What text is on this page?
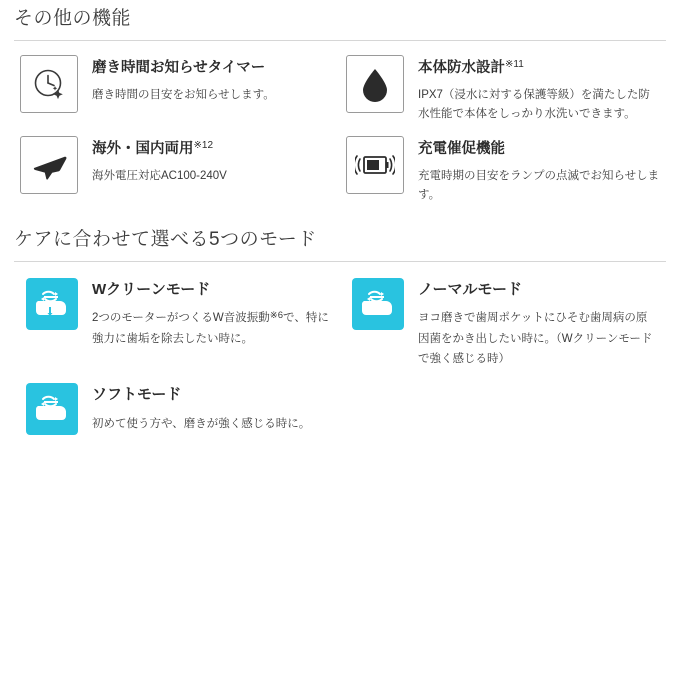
その他の機能
磨き時間お知らせタイマー
磨き時間の目安をお知らせします。
本体防水設計$^{※11}$
IPX7（浸水に対する保護等級）を満たした防水性能で本体をしっかり水洗いできます。
海外・国内両用$^{※12}$
海外電圧対応AC100-240V
充電催促機能
充電時期の目安をランプの点滅でお知らせします。
ケアに合わせて選べる5つのモード
Wクリーンモード
2つのモーターがつくるW音波振動$^{※6}$で、特に強力に歯垢を除去したい時に。
ノーマルモード
ヨコ磨きで歯周ポケットにひそむ歯周病の原因菌をかき出したい時に。（Wクリーンモードで強く感じる時）
ソフトモード
初めて使う方や、磨きが強く感じる時に。
